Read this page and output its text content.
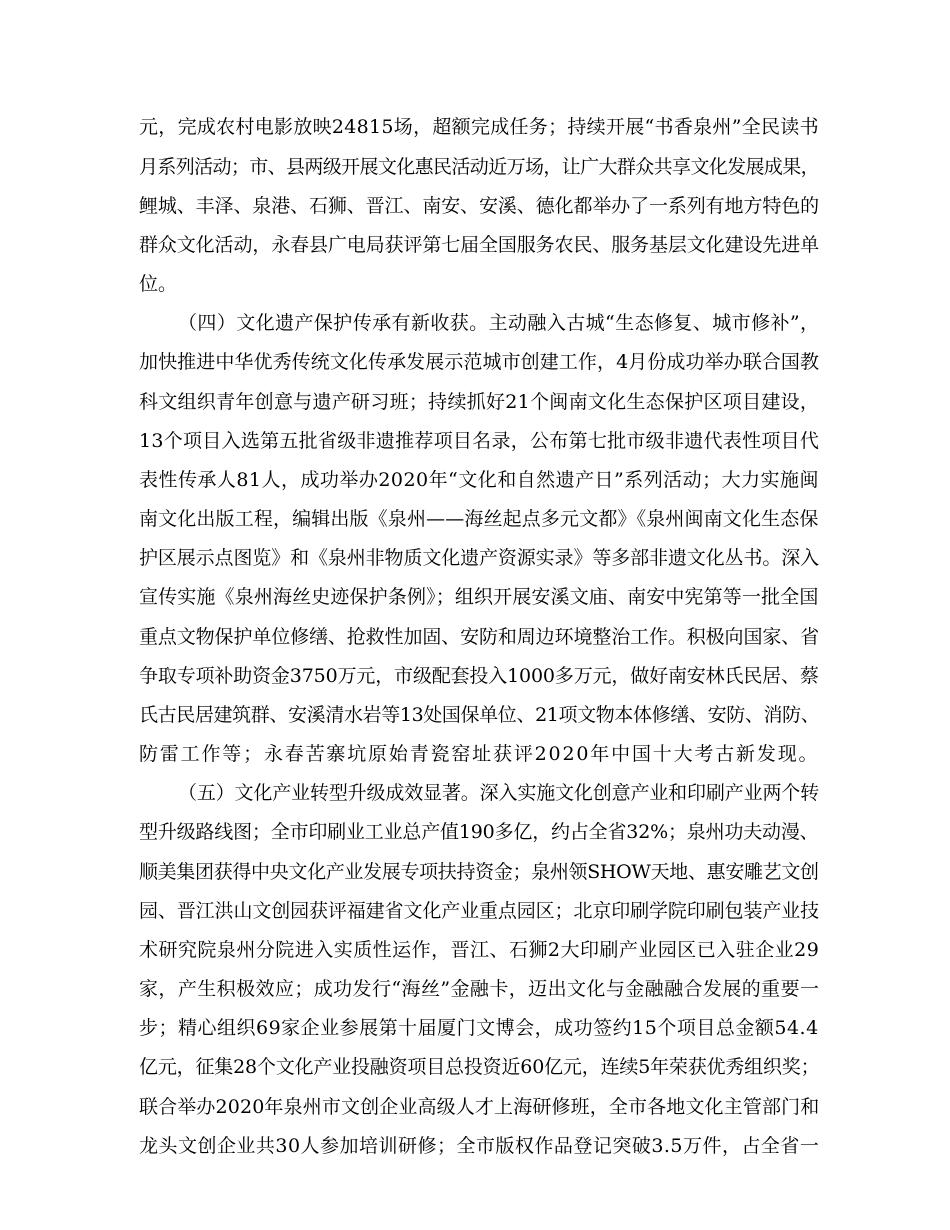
元，完成农村电影放映24815场，超额完成任务；持续开展“书香泉州”全民读书
月系列活动；市、县两级开展文化惠民活动近万场，让广大群众共享文化发展成果，
鲤城、丰泽、泉港、石狮、晋江、南安、安溪、德化都举办了一系列有地方特色的
群众文化活动，永春县广电局获评第七届全国服务农民、服务基层文化建设先进单
位。
（四）文化遗产保护传承有新收获。主动融入古城“生态修复、城市修补”，
加快推进中华优秀传统文化传承发展示范城市创建工作，4月份成功举办联合国教
科文组织青年创意与遗产研习班；持续抓好21个闽南文化生态保护区项目建设，
13个项目入选第五批省级非遗推荐项目名录，公布第七批市级非遗代表性项目代
表性传承人81人，成功举办2020年“文化和自然遗产日”系列活动；大力实施闽
南文化出版工程，编辑出版《泉州——海丝起点多元文都》《泉州闽南文化生态保
护区展示点图览》和《泉州非物质文化遗产资源实录》等多部非遗文化丛书。深入
宣传实施《泉州海丝史迹保护条例》；组织开展安溪文庙、南安中宪第等一批全国
重点文物保护单位修缮、抢救性加固、安防和周边环境整治工作。积极向国家、省
争取专项补助资金3750万元，市级配套投入1000多万元，做好南安林氏民居、蔡
氏古民居建筑群、安溪清水岩等13处国保单位、21项文物本体修缮、安防、消防、
防雷工作等；永春苦寨坑原始青瓷窑址获评2020年中国十大考古新发现。
（五）文化产业转型升级成效显著。深入实施文化创意产业和印刷产业两个转
型升级路线图；全市印刷业工业总产值190多亿，约占全省32%；泉州功夫动漫、
顺美集团获得中央文化产业发展专项扶持资金；泉州领SHOW天地、惠安雕艺文创
园、晋江洪山文创园获评福建省文化产业重点园区；北京印刷学院印刷包装产业技
术研究院泉州分院进入实质性运作，晋江、石狮2大印刷产业园区已入驻企业29
家，产生积极效应；成功发行“海丝”金融卡，迈出文化与金融融合发展的重要一
步；精心组织69家企业参展第十届厦门文博会，成功签约15个项目总金额54.4
亿元，征集28个文化产业投融资项目总投资近60亿元，连续5年荣获优秀组织奖；
联合举办2020年泉州市文创企业高级人才上海研修班，全市各地文化主管部门和
龙头文创企业共30人参加培训研修；全市版权作品登记突破3.5万件，占全省一
